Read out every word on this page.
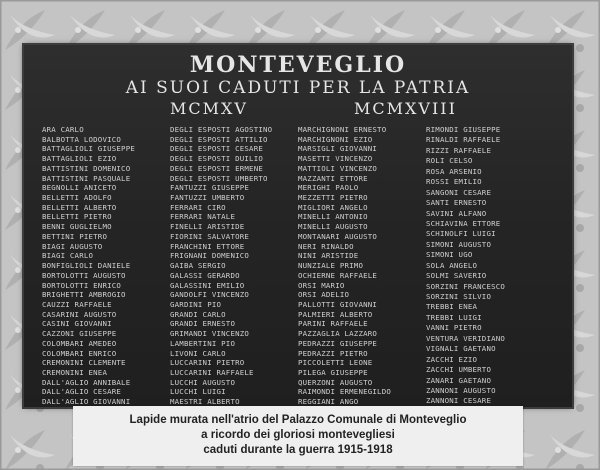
MONTEVEGLIO
AI SUOI CADUTI PER LA PATRIA
MCMXV	MCMXVIII
ARA CARLO
BALBOTTA LODOVICO
BATTAGLIOLI GIUSEPPE
BATTAGLIOLI EZIO
BATTISTINI DOMENICO
BATTISTINI PASQUALE
BEGNOLLI ANICETO
BELLETTI ADOLFO
BELLETTI ALBERTO
BELLETTI PIETRO
BENNI GUGLIELMO
BETTINI PIETRO
BIAGI AUGUSTO
BIAGI CARLO
BONFIGLIOLI DANIELE
BORTOLOTTI AUGUSTO
BORTOLOTTI ENRICO
BRIGHETTI AMBROGIO
CAUZZI RAFFAELE
CASARINI AUGUSTO
CASINI GIOVANNI
CAZZONI GIUSEPPE
COLOMBARI AMEDEO
COLOMBARI ENRICO
CREMONINI CLEMENTE
CREMONINI ENEA
DALL'AGLIO ANNIBALE
DALL'AGLIO CESARE
DALL'AGLIO GIOVANNI
DEGLI ESPOSTI AGOSTINO
DEGLI ESPOSTI ATTILIO
DEGLI ESPOSTI CESARE
DEGLI ESPOSTI DUILIO
DEGLI ESPOSTI ERMENE
DEGLI ESPOSTI UMBERTO
FANTUZZI GIUSEPPE
FANTUZZI UMBERTO
FERRARI CIRO
FERRARI NATALE
FINELLI ARISTIDE
FIORINI SALVATORE
FRANCHINI ETTORE
FRIGNANI DOMENICO
GAIBA SERGIO
GALASSI GERARDO
GALASSINI EMILIO
GANDOLFI VINCENZO
GARDINI PIO
GRANDI CARLO
GRANDI ERNESTO
GRIMANDI VINCENZO
LAMBERTINI PIO
LIVONI CARLO
LUCCARINI PIETRO
LUCCARINI RAFFAELE
LUCCHI AUGUSTO
LUCCHI LUIGI
MAESTRI ALBERTO
MARCHIGNONI ERNESTO
MARCHIGNONI EZIO
MARSIGLI GIOVANNI
MASETTI VINCENZO
MATTIOLI VINCENZO
MAZZANTI ETTORE
MERIGHI PAOLO
MEZZETTI PIETRO
MIGLIORI ANGELO
MINELLI ANTONIO
MINELLI AUGUSTO
MONTANARI AUGUSTO
NERI RINALDO
NINI ARISTIDE
NUNZIALE PRIMO
OCHIERNE RAFFAELE
ORSI MARIO
ORSI ADELIO
PALLOTTI GIOVANNI
PALMIERI ALBERTO
PARINI RAFFAELE
PAZZAGLIA LAZZARO
PEDRAZZI GIUSEPPE
PEDRAZZI PIETRO
PICCOLETTI LEONE
PILEGA GIUSEPPE
QUERZONI AUGUSTO
RAIMONDI ERMENEGILDO
REGGIANI ANGO
RIMONDI GIUSEPPE
RINALDI RAFFAELE
RIZZI RAFFAELE
ROLI CELSO
ROSA ARSENIO
ROSSI EMILIO
SANGONI CESARE
SANTI ERNESTO
SAVINI ALFANO
SCHIAVINA ETTORE
SCHINOLFI LUIGI
SIMONI AUGUSTO
SIMONI UGO
SOLA ANGELO
SOLMI SAVERIO
SORZINI FRANCESCO
SORZINI SILVIO
TREBBI ENEA
TREBBI LUIGI
VANNI PIETRO
VENTURA VERIDIANO
VIGNALI GAETANO
ZACCHI EZIO
ZACCHI UMBERTO
ZANARI GAETANO
ZANNONI AUGUSTO
ZANNONI CESARE
Lapide murata nell'atrio del Palazzo Comunale di Monteveglio
a ricordo dei gloriosi montevegliesi
caduti durante la guerra 1915-1918
